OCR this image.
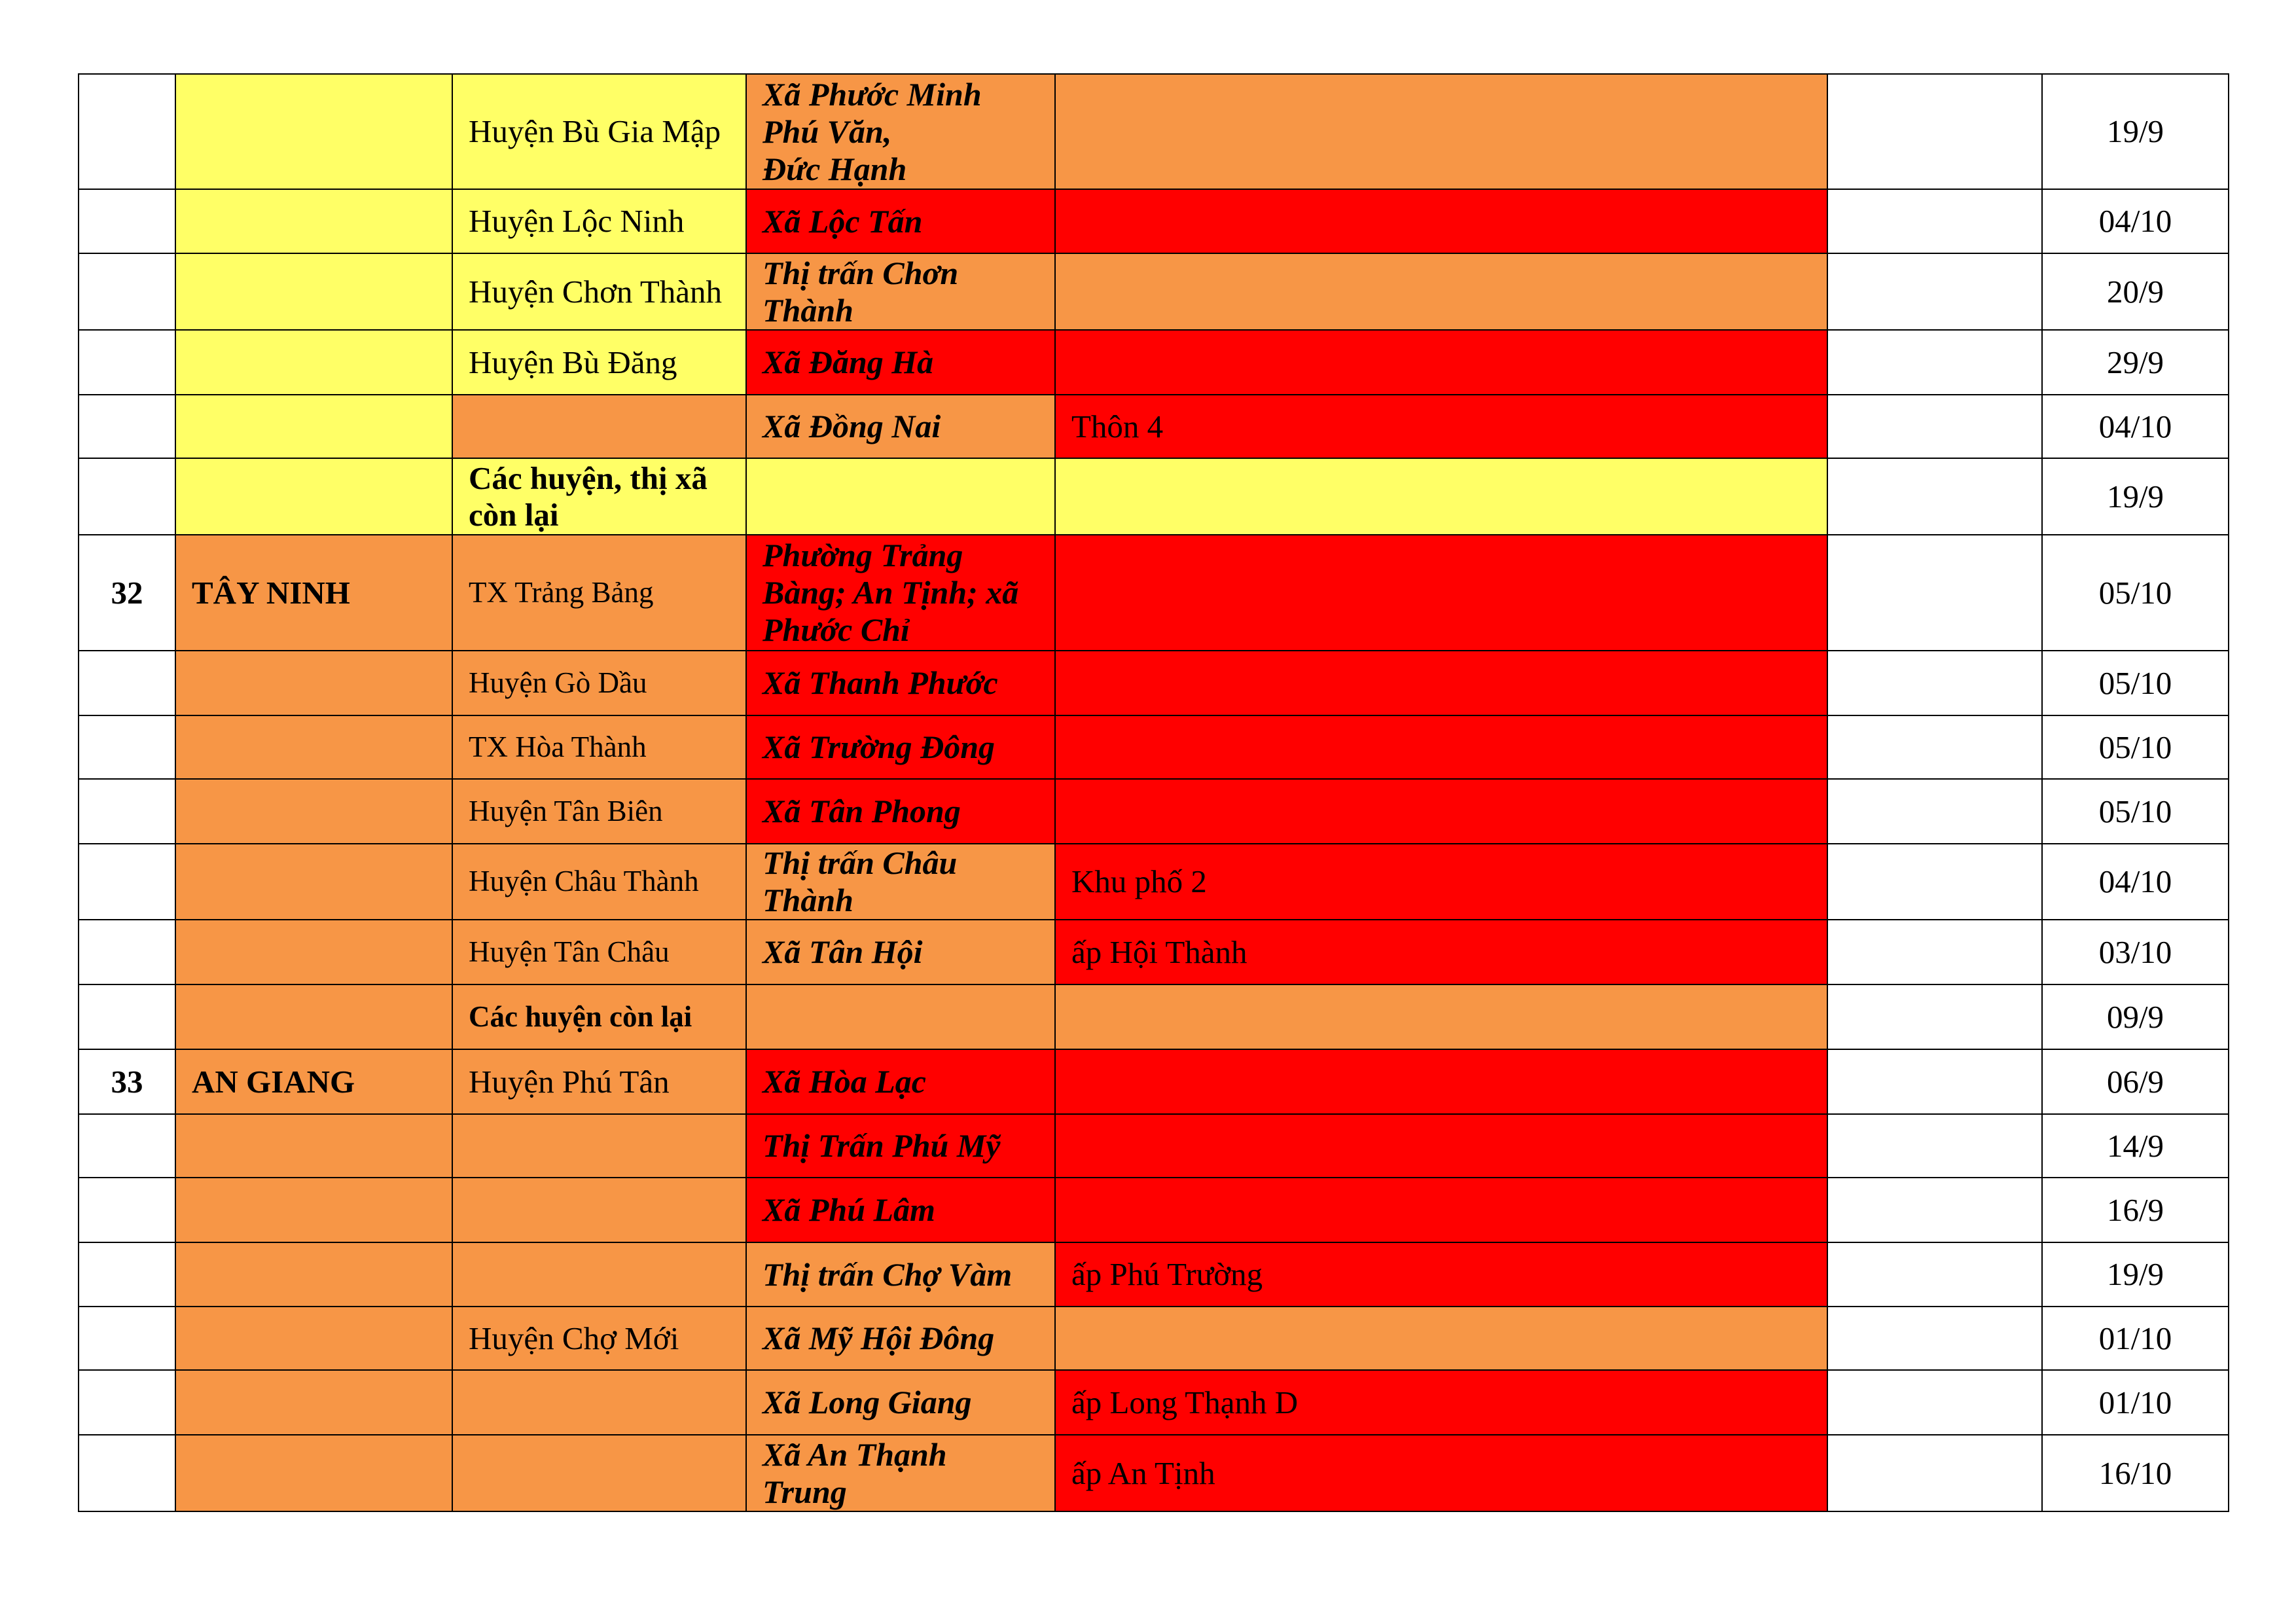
		Huyện Bù Gia Mập	Xã Phước Minh
Phú Văn,
Đức Hạnh			19/9
		Huyện Lộc Ninh	Xã Lộc Tấn			04/10
		Huyện Chơn Thành	Thị trấn Chơn
Thành			20/9
		Huyện Bù Đăng	Xã Đăng Hà			29/9
			Xã Đồng Nai	Thôn 4		04/10
		Các huyện, thị xã
còn lại				19/9
32	TÂY NINH	TX Trảng Bảng	Phường Trảng
Bàng; An Tịnh; xã
Phước Chỉ			05/10
		Huyện Gò Dầu	Xã Thanh Phước			05/10
		TX Hòa Thành	Xã Trường Đông			05/10
		Huyện Tân Biên	Xã Tân Phong			05/10
		Huyện Châu Thành	Thị trấn Châu
Thành	Khu phố 2		04/10
		Huyện Tân Châu	Xã Tân Hội	ấp Hội Thành		03/10
		Các huyện còn lại				09/9
33	AN GIANG	Huyện Phú Tân	Xã Hòa Lạc			06/9
			Thị Trấn Phú Mỹ			14/9
			Xã Phú Lâm			16/9
			Thị trấn Chợ Vàm	ấp Phú Trường		19/9
		Huyện Chợ Mới	Xã Mỹ Hội Đông			01/10
			Xã Long Giang	ấp Long Thạnh D		01/10
			Xã An Thạnh
Trung	ấp An Tịnh		16/10
